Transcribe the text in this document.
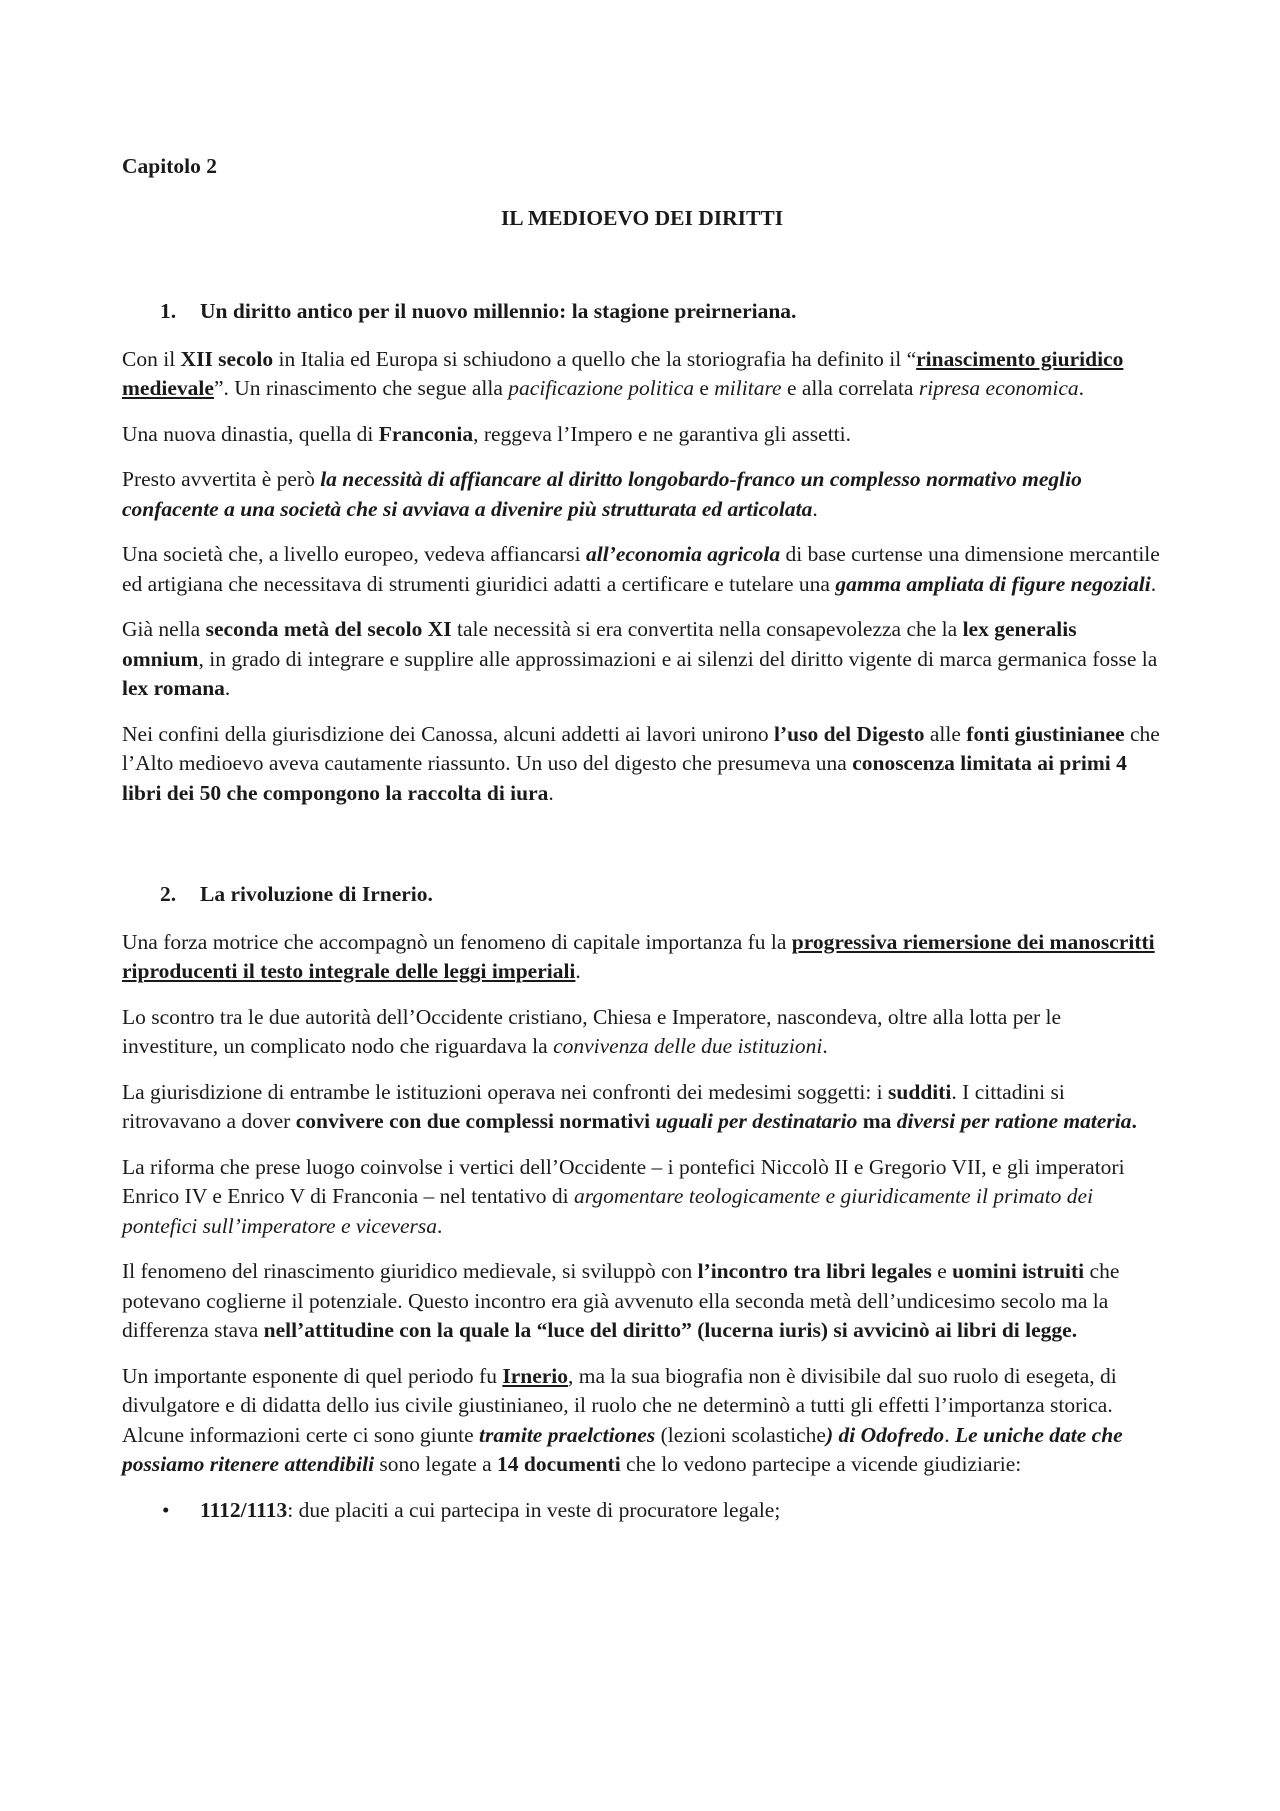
Capitolo 2
IL MEDIOEVO DEI DIRITTI
1. Un diritto antico per il nuovo millennio: la stagione preirneriana.

Con il XII secolo in Italia ed Europa si schiudono a quello che la storiografia ha definito il “rinascimento giuridico medievale”. Un rinascimento che segue alla pacificazione politica e militare e alla correlata ripresa economica.

Una nuova dinastia, quella di Franconia, reggeva l’Impero e ne garantiva gli assetti.

Presto avvertita è però la necessità di affiancare al diritto longobardo-franco un complesso normativo meglio confacente a una società che si avviava a divenire più strutturata ed articolata.

Una società che, a livello europeo, vedeva affiancarsi all’economia agricola di base curtense una dimensione mercantile ed artigiana che necessitava di strumenti giuridici adatti a certificare e tutelare una gamma ampliata di figure negoziali.

Già nella seconda metà del secolo XI tale necessità si era convertita nella consapevolezza che la lex generalis omnium, in grado di integrare e supplire alle approssimazioni e ai silenzi del diritto vigente di marca germanica fosse la lex romana.

Nei confini della giurisdizione dei Canossa, alcuni addetti ai lavori unirono l’uso del Digesto alle fonti giustinianee che l’Alto medioevo aveva cautamente riassunto. Un uso del digesto che presumeva una conoscenza limitata ai primi 4 libri dei 50 che compongono la raccolta di iura.

2. La rivoluzione di Irnerio.

Una forza motrice che accompagnò un fenomeno di capitale importanza fu la progressiva riemersione dei manoscritti riproducenti il testo integrale delle leggi imperiali.

Lo scontro tra le due autorità dell’Occidente cristiano, Chiesa e Imperatore, nascondeva, oltre alla lotta per le investiture, un complicato nodo che riguardava la convivenza delle due istituzioni.

La giurisdizione di entrambe le istituzioni operava nei confronti dei medesimi soggetti: i sudditi. I cittadini si ritrovavano a dover convivere con due complessi normativi uguali per destinatario ma diversi per ratione materia.

La riforma che prese luogo coinvolse i vertici dell’Occidente – i pontefici Niccolò II e Gregorio VII, e gli imperatori Enrico IV e Enrico V di Franconia – nel tentativo di argomentare teologicamente e giuridicamente il primato dei pontefici sull’imperatore e viceversa.

Il fenomeno del rinascimento giuridico medievale, si sviluppò con l’incontro tra libri legales e uomini istruiti che potevano coglierne il potenziale. Questo incontro era già avvenuto ella seconda metà dell’undicesimo secolo ma la differenza stava nell’attitudine con la quale la “luce del diritto” (lucerna iuris) si avvicinò ai libri di legge.

Un importante esponente di quel periodo fu Irnerio, ma la sua biografia non è divisibile dal suo ruolo di esegeta, di divulgatore e di didatta dello ius civile giustinianeo, il ruolo che ne determinò a tutti gli effetti l’importanza storica. Alcune informazioni certe ci sono giunte tramite praelctiones (lezioni scolastiche) di Odofredo. Le uniche date che possiamo ritenere attendibili sono legate a 14 documenti che lo vedono partecipe a vicende giudiziarie:

• 1112/1113: due placiti a cui partecipa in veste di procuratore legale;
